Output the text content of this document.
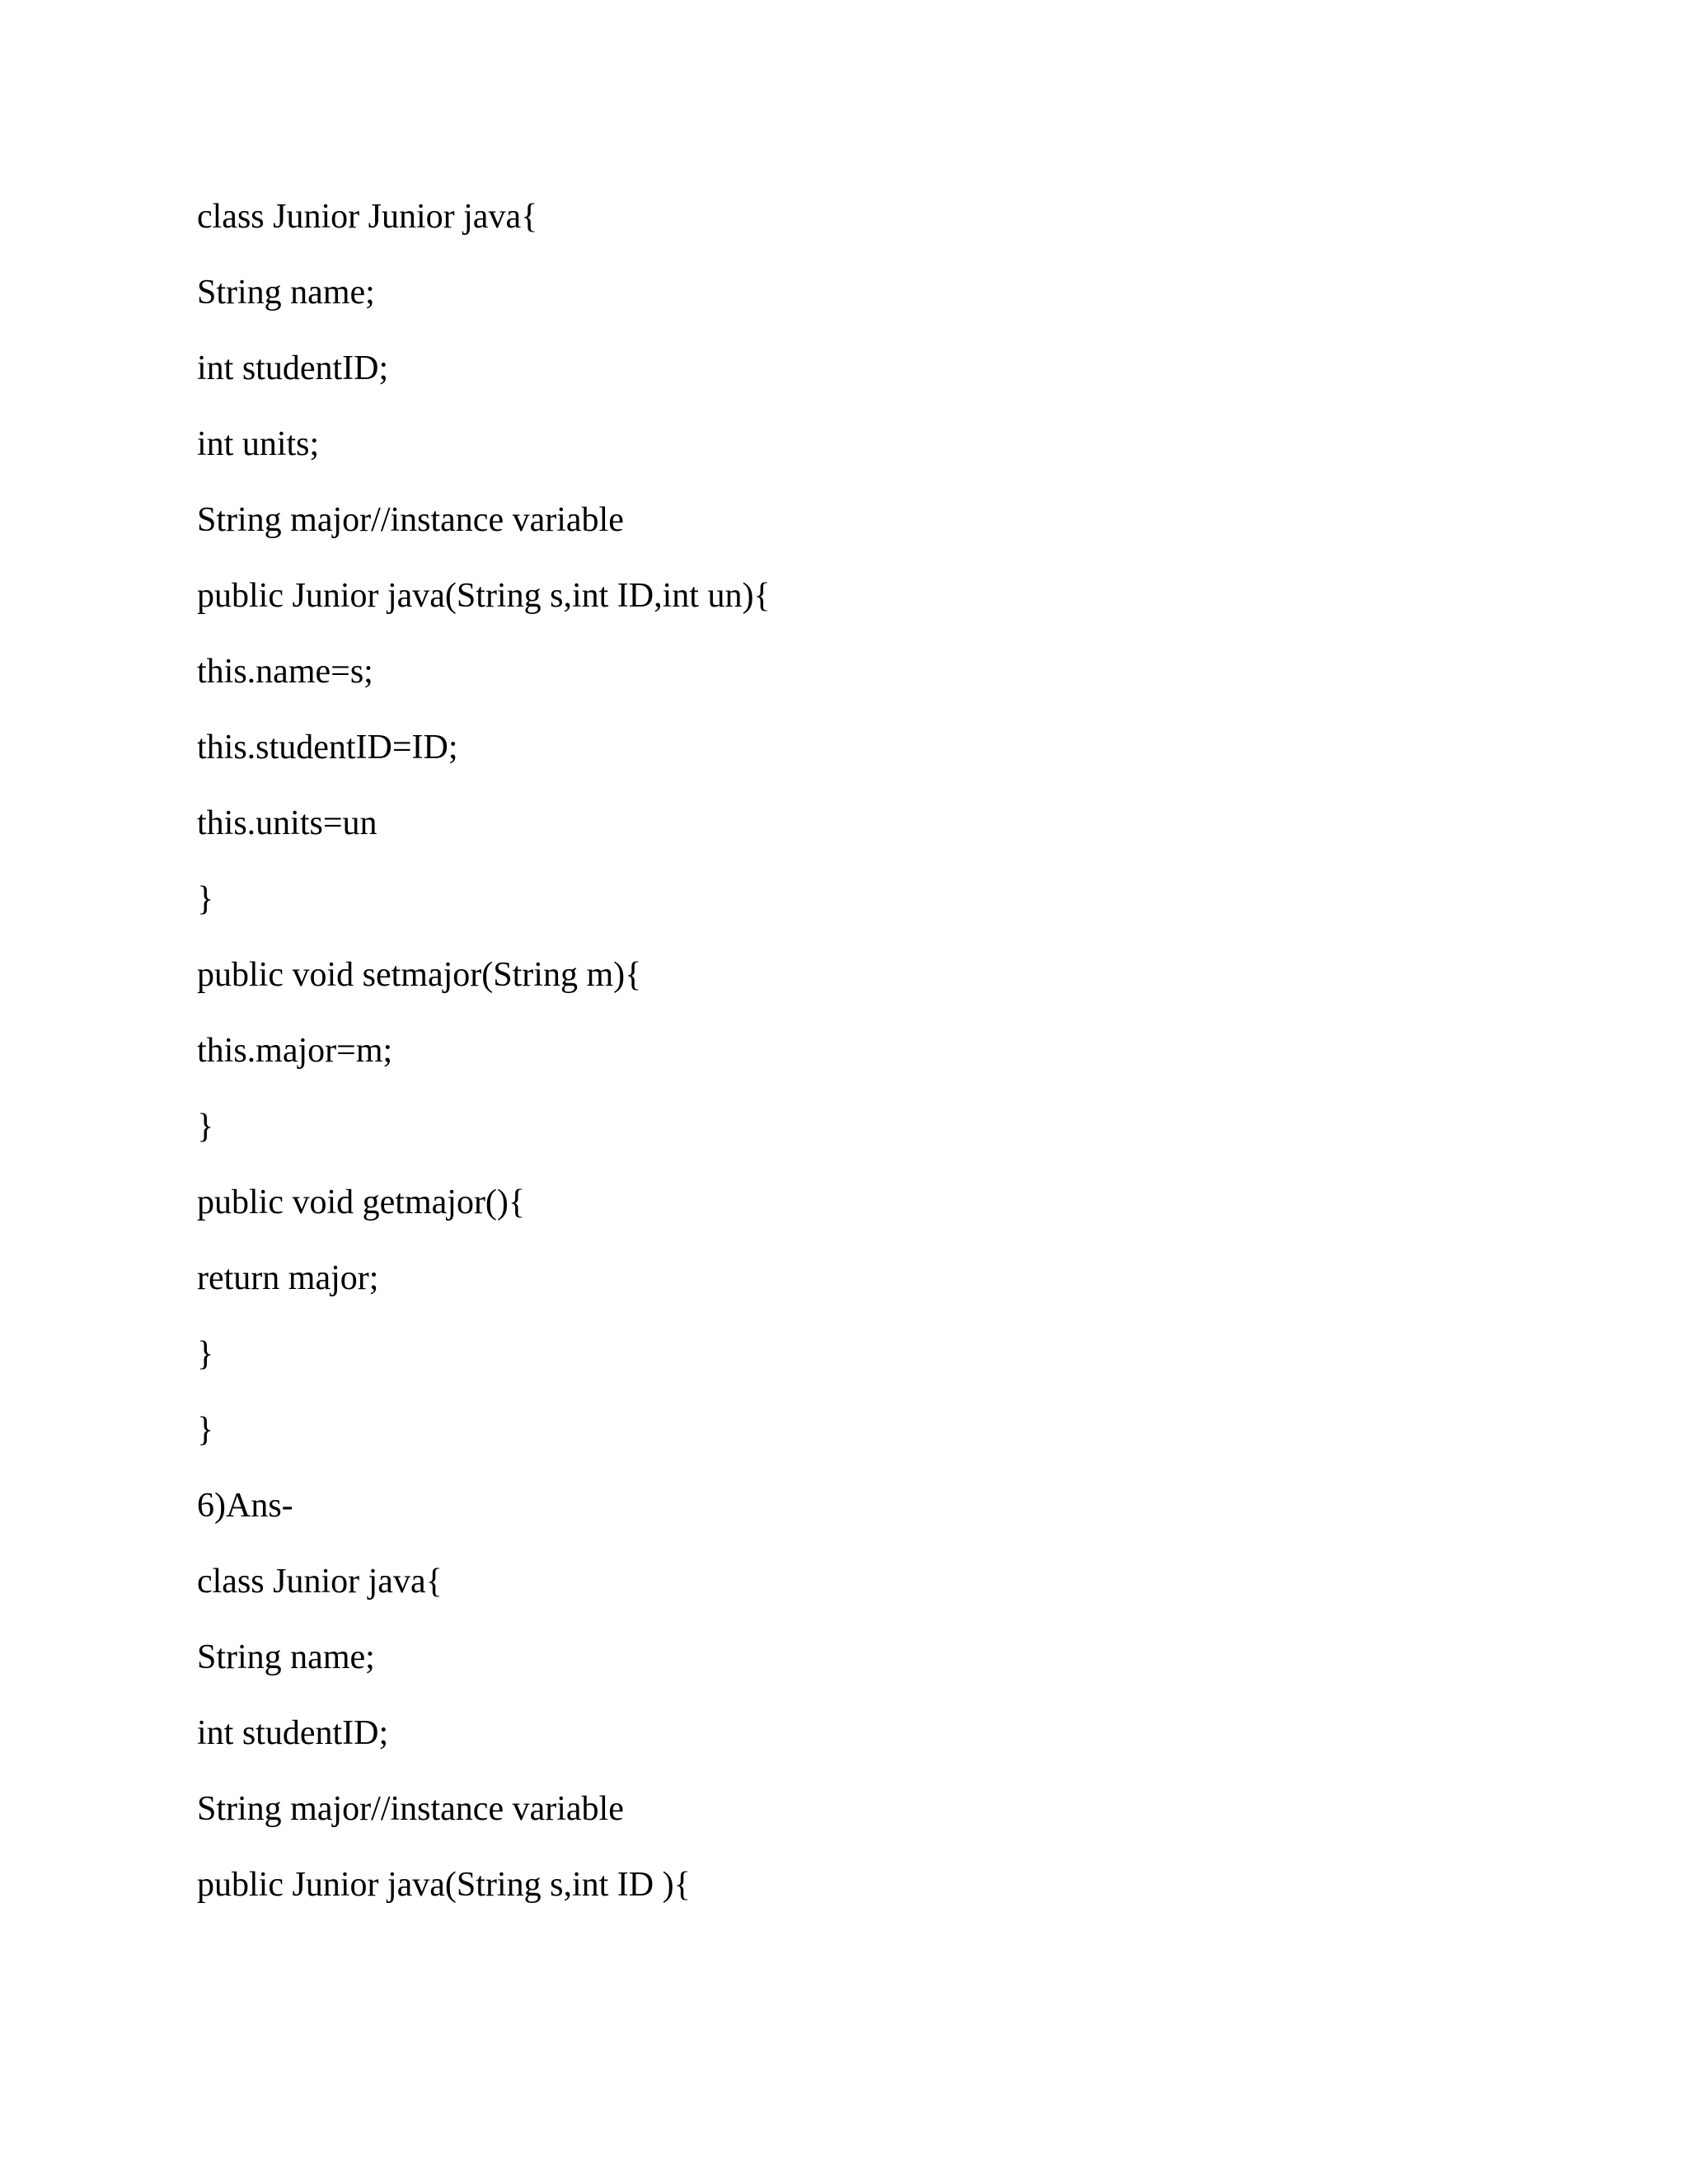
class Junior Junior java{
String name;
int studentID;
int units;
String major//instance variable
public Junior java(String s,int ID,int un){
this.name=s;
this.studentID=ID;
this.units=un
}
public void setmajor(String m){
this.major=m;
}
public void getmajor(){
return major;
}
}
6)Ans-
class Junior java{
String name;
int studentID;
String major//instance variable
public Junior java(String s,int ID ){
